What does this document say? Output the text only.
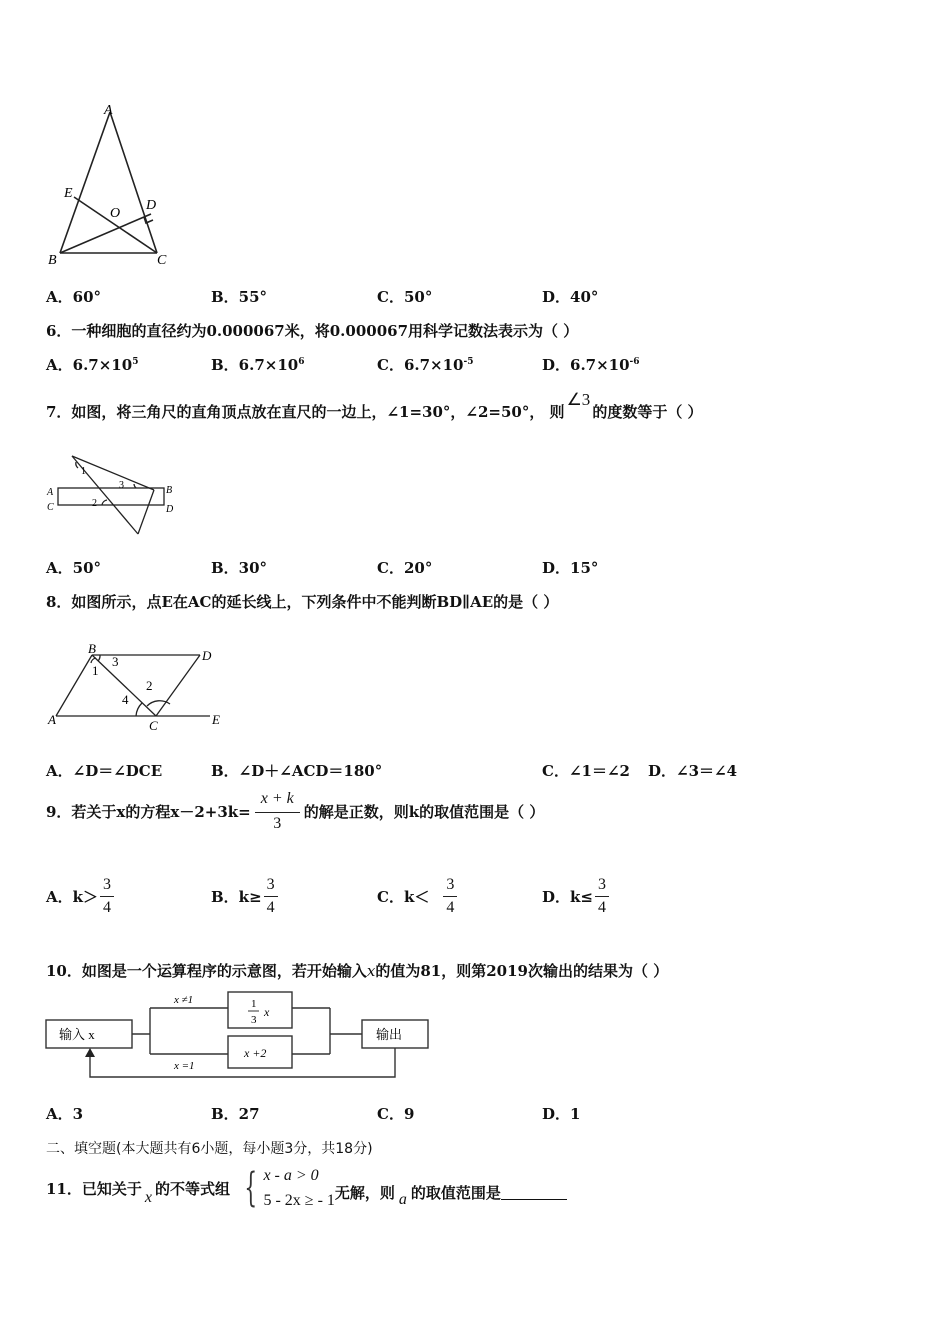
A
B	C
D
E
O
A．60°	B．55°	C．50°	D．40°
6．一种细胞的直径约为0.000067米，将0.000067用科学记数法表示为（ ）
A．$6.7\times 10^5$	B．$6.7\times 10^6$	C．$6.7\times 10^{-5}$	D．$6.7\times 10^{-6}$
7．如图，将三角尺的直角顶点放在直尺的一边上，∠1=30°，∠2=50°， 则∠3的度数等于（ ）
1
2
3
A
C
B
D
A．50°	B．30°	C．20°	D．15°
8．如图所示，点E在AC的延长线上，下列条件中不能判断BD∥AE的是（ ）
B	D
A	C	E
1
2
3
4
A．∠D＝∠DCE	B．∠D＋∠ACD＝180°	C．∠1＝∠2 D．∠3＝∠4
9．若关于x的方程$x-2+3k= \frac{x + k}{3}$ 的解是正数，则k的取值范围是（ ）
A．$k> \frac{3}{4}$	B．$k\ge \frac{3}{4}$	C．$k< \frac{3}{4}$	D．$k\le \frac{3}{4}$
10．如图是一个运算程序的示意图，若开始输入x的值为81，则第2019次输出的结果为（ ）
输入 x	输出
x ≠1
x =1
1
3
x
x +2
A．3	B．27	C．9	D．1
二、填空题(本大题共有6小题，每小题3分，共18分)
11．已知关于 x 的不等式组 { x - a > 0
5 - 2x ≥ - 1 无解，则 a 的取值范围是
